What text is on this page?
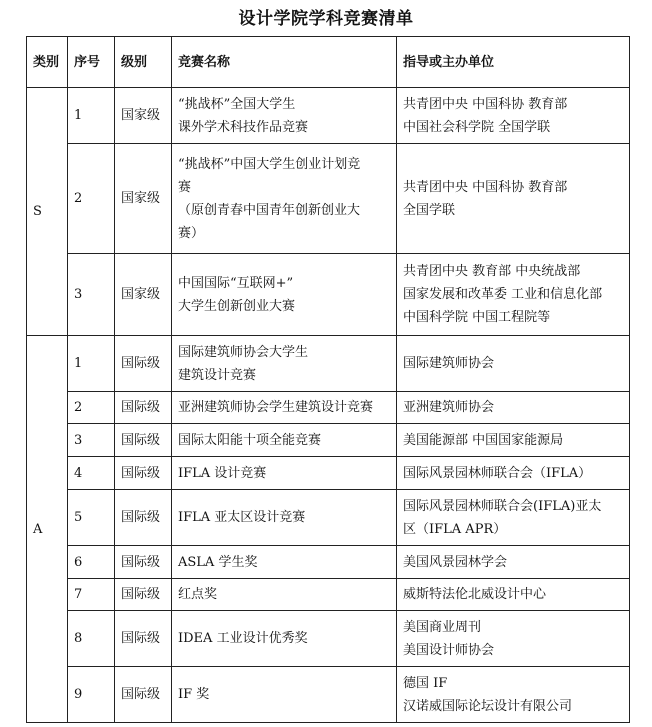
设计学院学科竞赛清单
类别	序号	级别	竞赛名称	指导或主办单位
S	1	国家级	“挑战杯”全国大学生
课外学术科技作品竞赛	共青团中央 中国科协 教育部
中国社会科学院 全国学联

	2	国家级	“挑战杯”中国大学生创业计划竞
赛
（原创青春中国青年创新创业大
赛）	共青团中央 中国科协 教育部
全国学联

	3	国家级	中国国际“互联网+”
大学生创新创业大赛	共青团中央 教育部 中央统战部
国家发展和改革委 工业和信息化部
中国科学院 中国工程院等

A	1	国际级	国际建筑师协会大学生
建筑设计竞赛	国际建筑师协会

	2	国际级	亚洲建筑师协会学生建筑设计竞赛	亚洲建筑师协会

	3	国际级	国际太阳能十项全能竞赛	美国能源部 中国国家能源局

	4	国际级	IFLA 设计竞赛	国际风景园林师联合会（IFLA）

	5	国际级	IFLA 亚太区设计竞赛	国际风景园林师联合会(IFLA)亚太
区（IFLA APR）

	6	国际级	ASLA 学生奖	美国风景园林学会

	7	国际级	红点奖	威斯特法伦北威设计中心

	8	国际级	IDEA 工业设计优秀奖	美国商业周刊
美国设计师协会

	9	国际级	IF 奖	德国 IF
汉诺威国际论坛设计有限公司
